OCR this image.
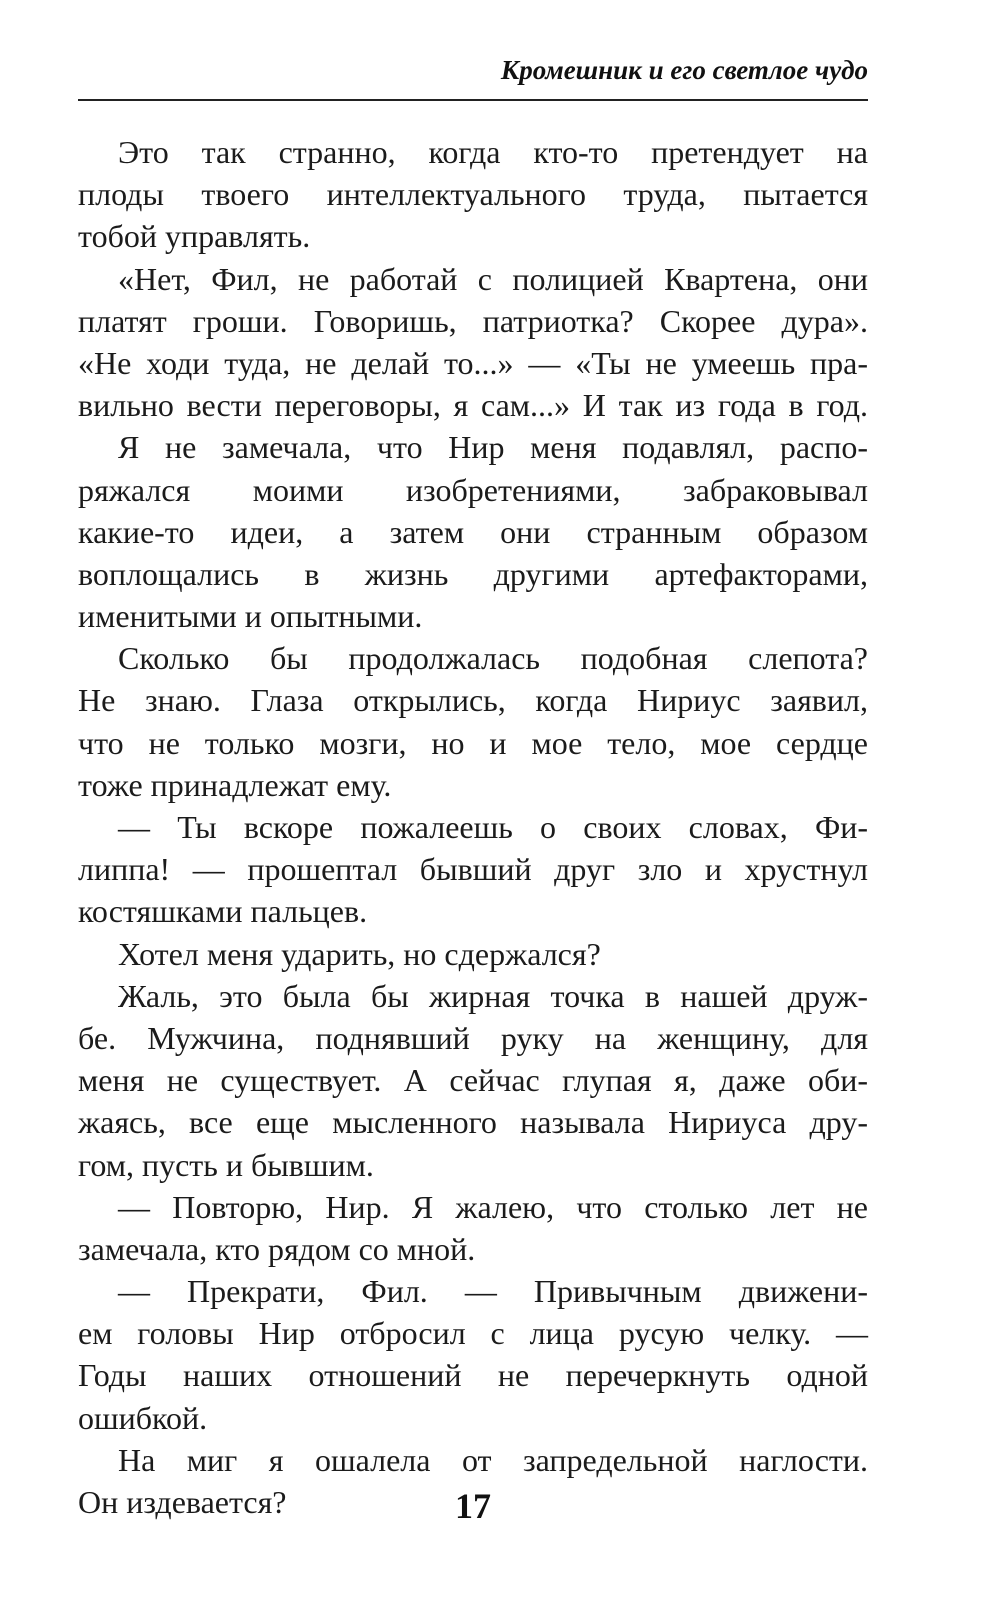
Кромешник и его светлое чудо
Это так странно, когда кто-то претендует на
плоды твоего интеллектуального труда, пытается
тобой управлять.
«Нет, Фил, не работай с полицией Квартена, они
платят гроши. Говоришь, патриотка? Скорее дура».
«Не ходи туда, не делай то...» — «Ты не умеешь пра-
вильно вести переговоры, я сам...» И так из года в год.
Я не замечала, что Нир меня подавлял, распо-
ряжался моими изобретениями, забраковывал
какие-то идеи, а затем они странным образом
воплощались в жизнь другими артефакторами,
именитыми и опытными.
Сколько бы продолжалась подобная слепота?
Не знаю. Глаза открылись, когда Нириус заявил,
что не только мозги, но и мое тело, мое сердце
тоже принадлежат ему.
— Ты вскоре пожалеешь о своих словах, Фи-
липпа! — прошептал бывший друг зло и хрустнул
костяшками пальцев.
Хотел меня ударить, но сдержался?
Жаль, это была бы жирная точка в нашей друж-
бе. Мужчина, поднявший руку на женщину, для
меня не существует. А сейчас глупая я, даже оби-
жаясь, все еще мысленного называла Нириуса дру-
гом, пусть и бывшим.
— Повторю, Нир. Я жалею, что столько лет не
замечала, кто рядом со мной.
— Прекрати, Фил. — Привычным движени-
ем головы Нир отбросил с лица русую челку. —
Годы наших отношений не перечеркнуть одной
ошибкой.
На миг я ошалела от запредельной наглости.
Он издевается?	17
